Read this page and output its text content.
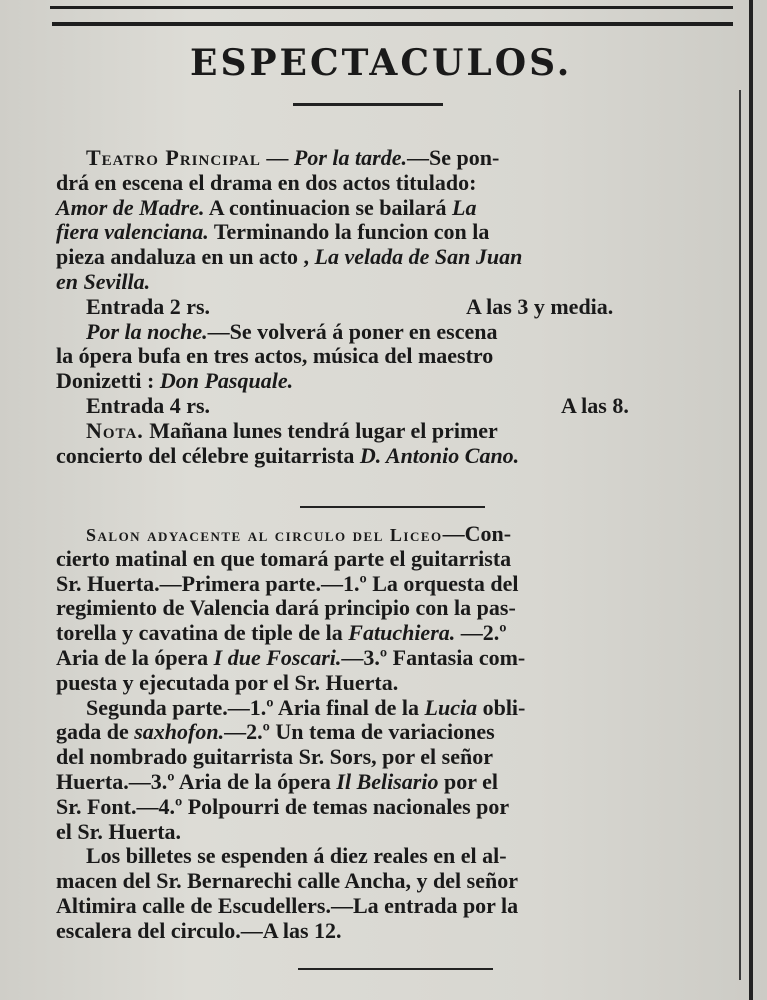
ESPECTACULOS.
Teatro Principal — Por la tarde.—Se pon-
drá en escena el drama en dos actos titulado:
Amor de Madre. A continuacion se bailará La
fiera valenciana. Terminando la funcion con la
pieza andaluza en un acto , La velada de San Juan
en Sevilla.
Entrada 2 rs.	A las 3 y media.
Por la noche.—Se volverá á poner en escena
la ópera bufa en tres actos, música del maestro
Donizetti : Don Pasquale.
Entrada 4 rs.	A las 8.
Nota. Mañana lunes tendrá lugar el primer
concierto del célebre guitarrista D. Antonio Cano.
Salon adyacente al circulo del Liceo—Con-
cierto matinal en que tomará parte el guitarrista
Sr. Huerta.—Primera parte.—1.º La orquesta del
regimiento de Valencia dará principio con la pas-
torella y cavatina de tiple de la Fatuchiera. —2.º
Aria de la ópera I due Foscari.—3.º Fantasia com-
puesta y ejecutada por el Sr. Huerta.
Segunda parte.—1.º Aria final de la Lucia obli-
gada de saxhofon.—2.º Un tema de variaciones
del nombrado guitarrista Sr. Sors, por el señor
Huerta.—3.º Aria de la ópera Il Belisario por el
Sr. Font.—4.º Polpourri de temas nacionales por
el Sr. Huerta.
Los billetes se espenden á diez reales en el al-
macen del Sr. Bernarechi calle Ancha, y del señor
Altimira calle de Escudellers.—La entrada por la
escalera del circulo.—A las 12.
